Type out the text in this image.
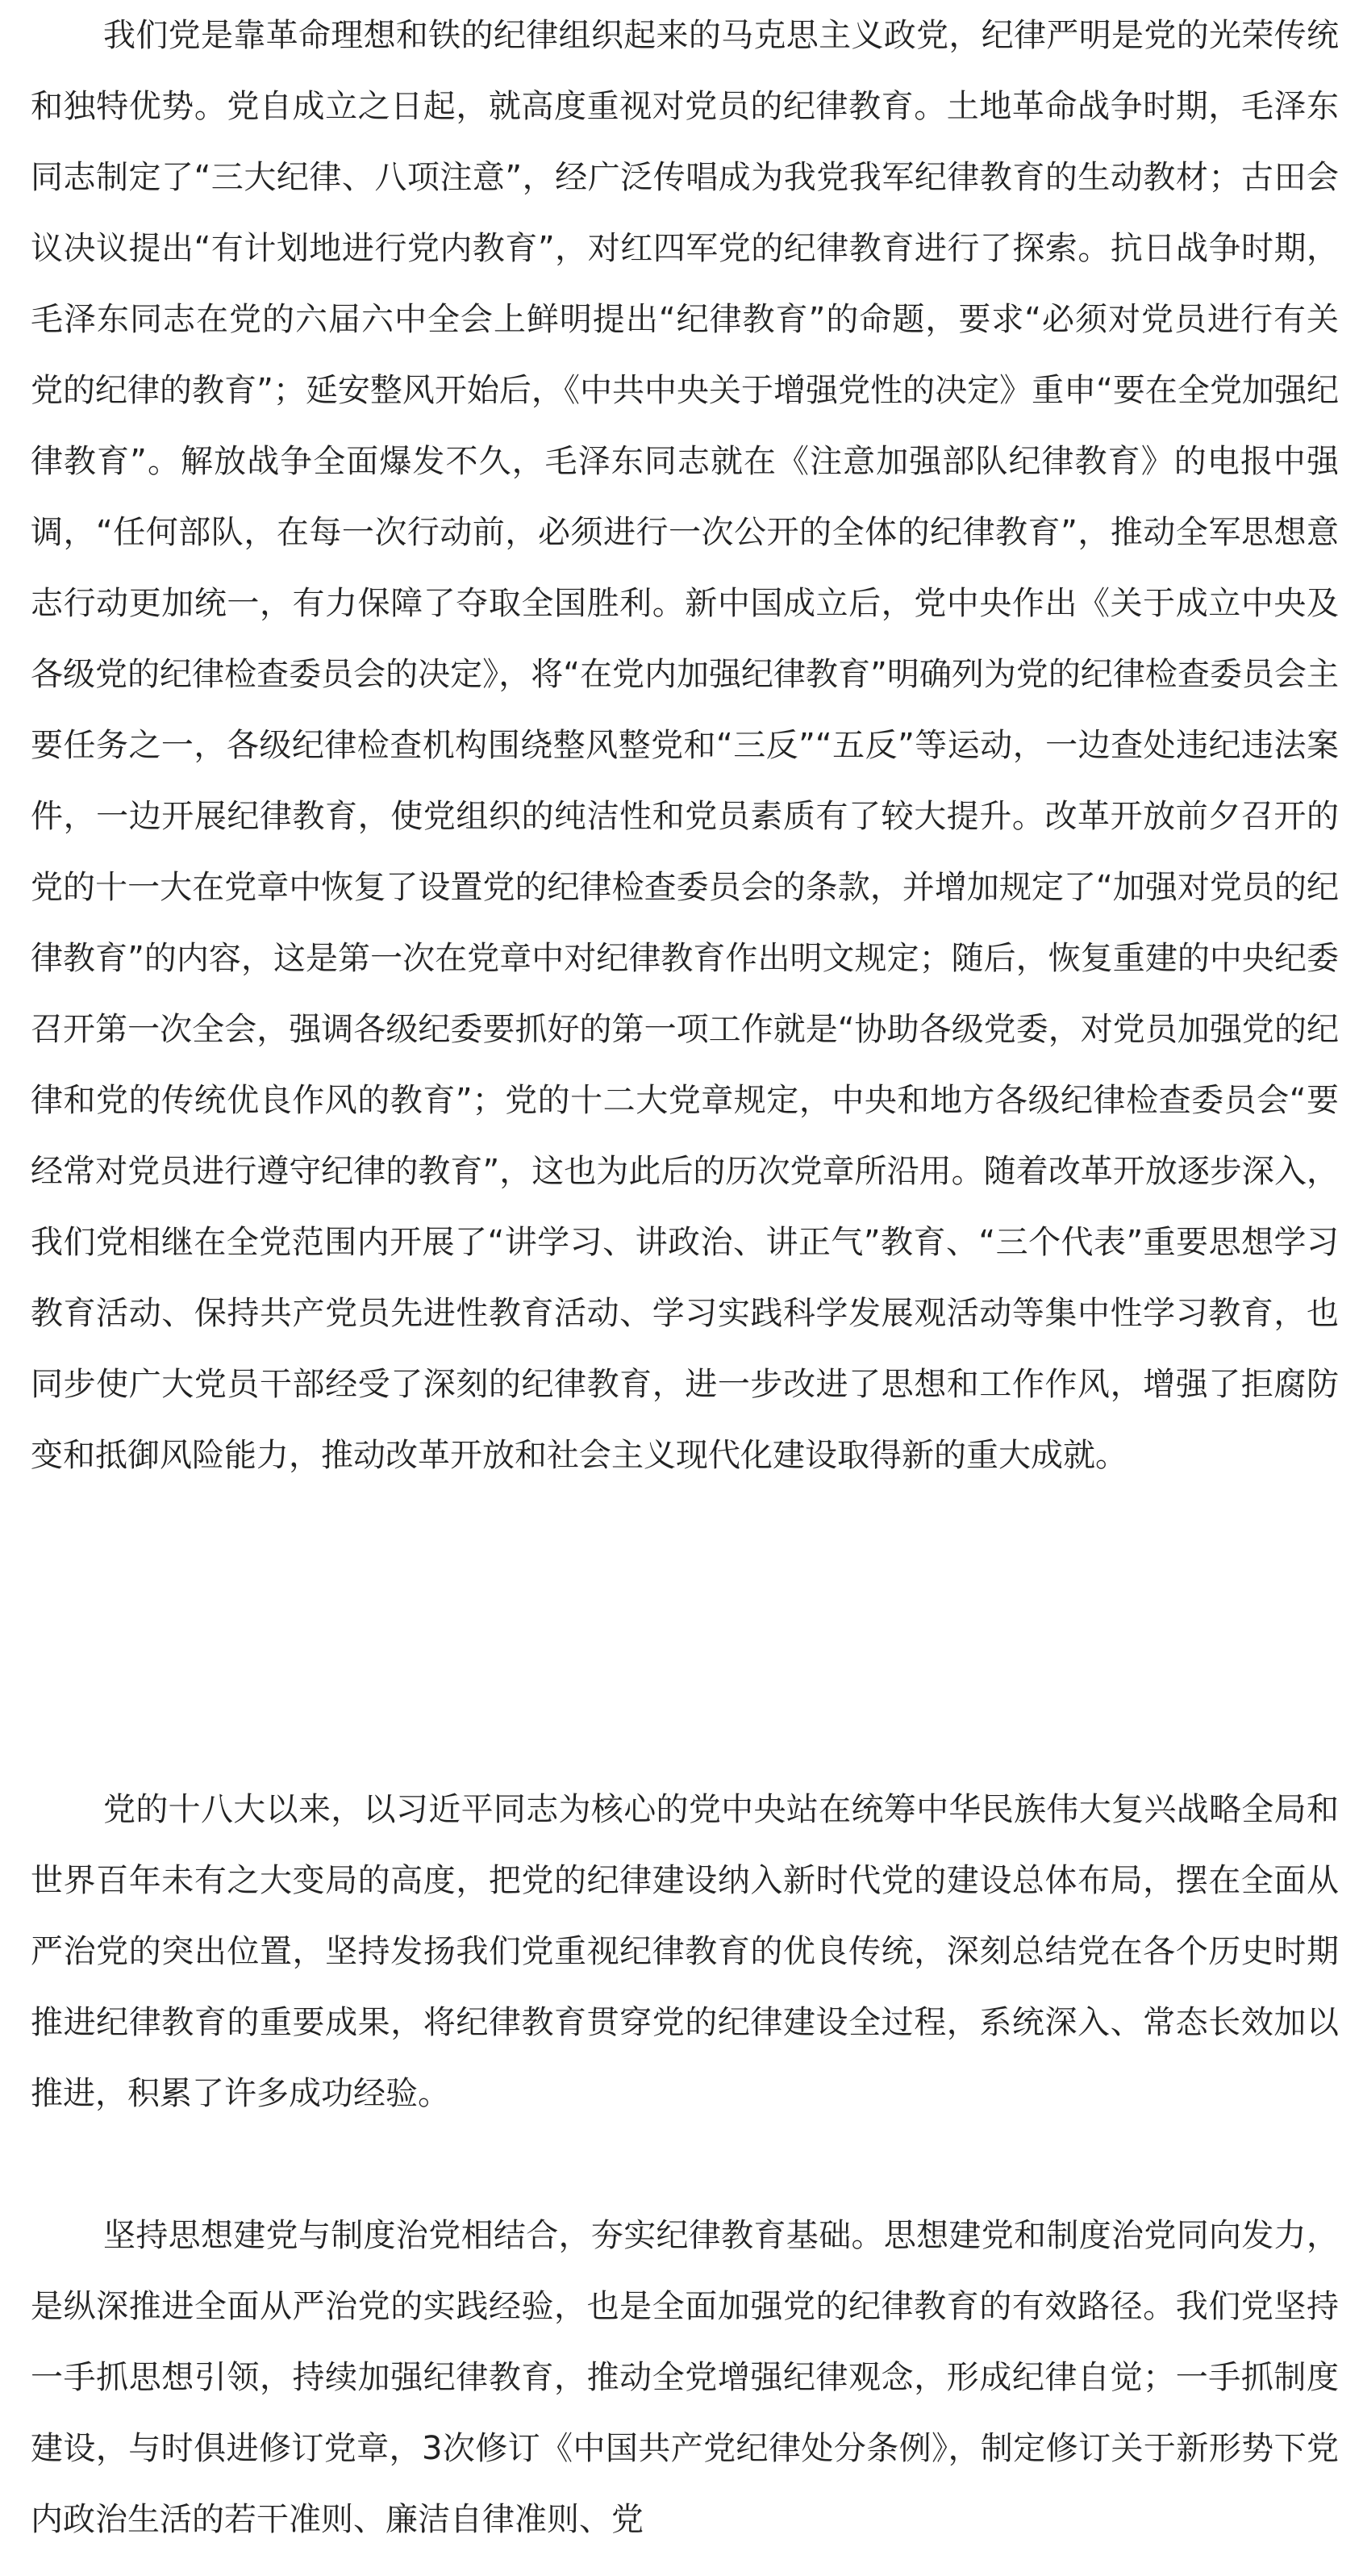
我们党是靠革命理想和铁的纪律组织起来的马克思主义政党，纪律严明是党的光荣传统和独特优势。党自成立之日起，就高度重视对党员的纪律教育。土地革命战争时期，毛泽东同志制定了“三大纪律、八项注意”，经广泛传唱成为我党我军纪律教育的生动教材；古田会议决议提出“有计划地进行党内教育”，对红四军党的纪律教育进行了探索。抗日战争时期，毛泽东同志在党的六届六中全会上鲜明提出“纪律教育”的命题，要求“必须对党员进行有关党的纪律的教育”；延安整风开始后，《中共中央关于增强党性的决定》重申“要在全党加强纪律教育”。解放战争全面爆发不久，毛泽东同志就在《注意加强部队纪律教育》的电报中强调，“任何部队，在每一次行动前，必须进行一次公开的全体的纪律教育”，推动全军思想意志行动更加统一，有力保障了夺取全国胜利。新中国成立后，党中央作出《关于成立中央及各级党的纪律检查委员会的决定》，将“在党内加强纪律教育”明确列为党的纪律检查委员会主要任务之一，各级纪律检查机构围绕整风整党和“三反”“五反”等运动，一边查处违纪违法案件，一边开展纪律教育，使党组织的纯洁性和党员素质有了较大提升。改革开放前夕召开的党的十一大在党章中恢复了设置党的纪律检查委员会的条款，并增加规定了“加强对党员的纪律教育”的内容，这是第一次在党章中对纪律教育作出明文规定；随后，恢复重建的中央纪委召开第一次全会，强调各级纪委要抓好的第一项工作就是“协助各级党委，对党员加强党的纪律和党的传统优良作风的教育”；党的十二大党章规定，中央和地方各级纪律检查委员会“要经常对党员进行遵守纪律的教育”，这也为此后的历次党章所沿用。随着改革开放逐步深入，我们党相继在全党范围内开展了“讲学习、讲政治、讲正气”教育、“三个代表”重要思想学习教育活动、保持共产党员先进性教育活动、学习实践科学发展观活动等集中性学习教育，也同步使广大党员干部经受了深刻的纪律教育，进一步改进了思想和工作作风，增强了拒腐防变和抵御风险能力，推动改革开放和社会主义现代化建设取得新的重大成就。

党的十八大以来，以习近平同志为核心的党中央站在统筹中华民族伟大复兴战略全局和世界百年未有之大变局的高度，把党的纪律建设纳入新时代党的建设总体布局，摆在全面从严治党的突出位置，坚持发扬我们党重视纪律教育的优良传统，深刻总结党在各个历史时期推进纪律教育的重要成果，将纪律教育贯穿党的纪律建设全过程，系统深入、常态长效加以推进，积累了许多成功经验。

坚持思想建党与制度治党相结合，夯实纪律教育基础。思想建党和制度治党同向发力，是纵深推进全面从严治党的实践经验，也是全面加强党的纪律教育的有效路径。我们党坚持一手抓思想引领，持续加强纪律教育，推动全党增强纪律观念，形成纪律自觉；一手抓制度建设，与时俱进修订党章，3次修订《中国共产党纪律处分条例》，制定修订关于新形势下党内政治生活的若干准则、廉洁自律准则、党
